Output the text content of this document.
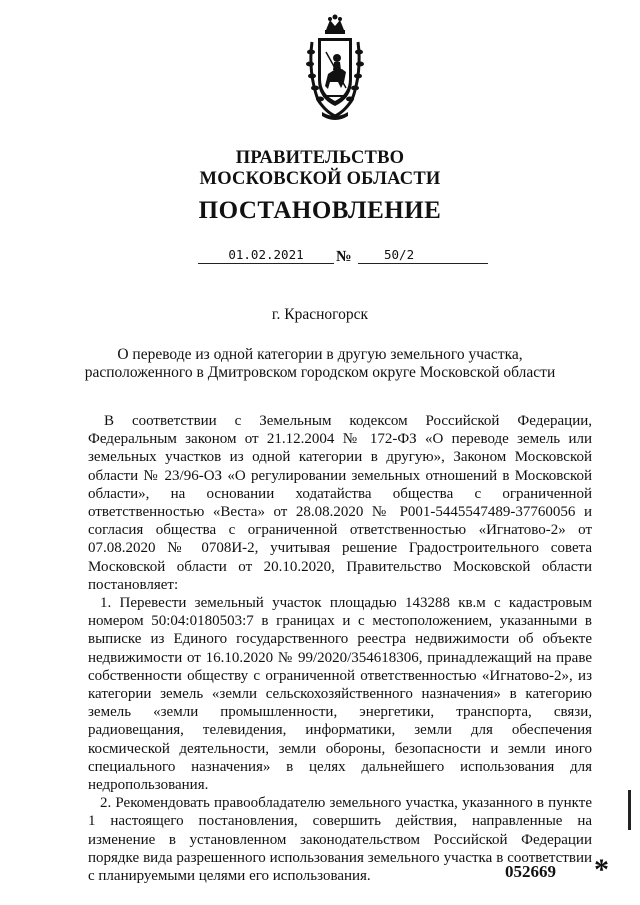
ПРАВИТЕЛЬСТВО
МОСКОВСКОЙ ОБЛАСТИ
ПОСТАНОВЛЕНИЕ
01.02.2021	№	50/2
г. Красногорск
О переводе из одной категории в другую земельного участка,
расположенного в Дмитровском городском округе Московской области

В соответствии с Земельным кодексом Российской Федерации, Федеральным законом от 21.12.2004 № 172-ФЗ «О переводе земель или земельных участков из одной категории в другую», Законом Московской области № 23/96-ОЗ «О регулировании земельных отношений в Московской области», на основании ходатайства общества с ограниченной ответственностью «Веста» от 28.08.2020 № Р001-5445547489-37760056 и согласия общества с ограниченной ответственностью «Игнатово-2» от 07.08.2020 № 0708И-2, учитывая решение Градостроительного совета Московской области от 20.10.2020, Правительство Московской области постановляет:

1. Перевести земельный участок площадью 143288 кв.м с кадастровым номером 50:04:0180503:7 в границах и с местоположением, указанными в выписке из Единого государственного реестра недвижимости об объекте недвижимости от 16.10.2020 № 99/2020/354618306, принадлежащий на праве собственности обществу с ограниченной ответственностью «Игнатово-2», из категории земель «земли сельскохозяйственного назначения» в категорию земель «земли промышленности, энергетики, транспорта, связи, радиовещания, телевидения, информатики, земли для обеспечения космической деятельности, земли обороны, безопасности и земли иного специального назначения» в целях дальнейшего использования для недропользования.

2. Рекомендовать правообладателю земельного участка, указанного в пункте 1 настоящего постановления, совершить действия, направленные на изменение в установленном законодательством Российской Федерации порядке вида разрешенного использования земельного участка в соответствии с планируемыми целями его использования.	052669 *
